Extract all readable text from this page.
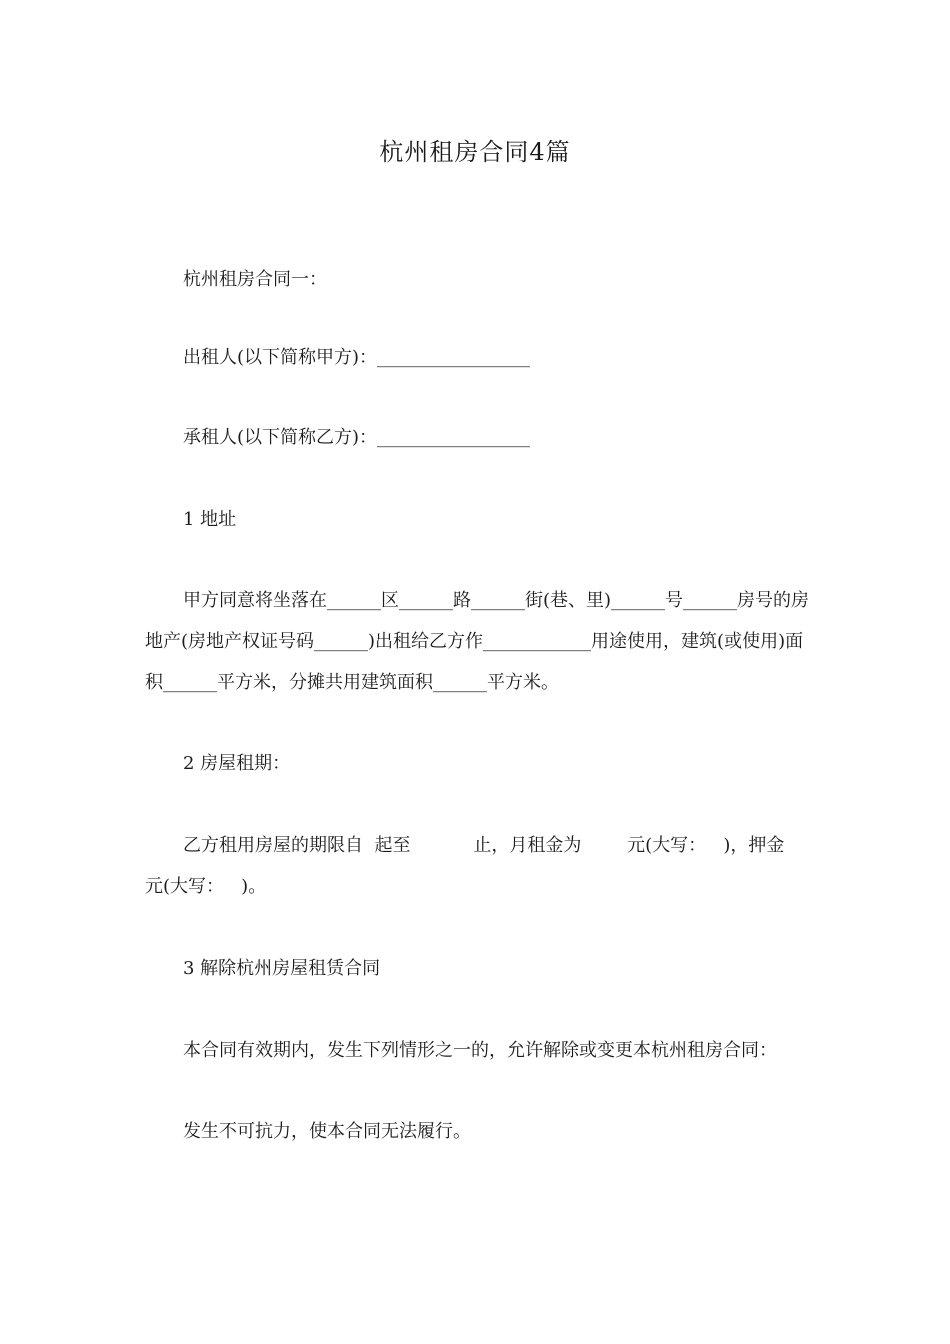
杭州租房合同4篇

杭州租房合同一：

出租人(以下简称甲方)：_________________

承租人(以下简称乙方)：_________________

1 地址

甲方同意将坐落在______区______路______街(巷、里)______号______房号的房地产(房地产权证号码______)出租给乙方作____________用途使用，建筑(或使用)面积______平方米，分摊共用建筑面积______平方米。

2 房屋租期：

乙方租用房屋的期限自  起至           止，月租金为        元(大写：   )，押金   元(大写：   )。

3 解除杭州房屋租赁合同

本合同有效期内，发生下列情形之一的，允许解除或变更本杭州租房合同：

发生不可抗力，使本合同无法履行。
